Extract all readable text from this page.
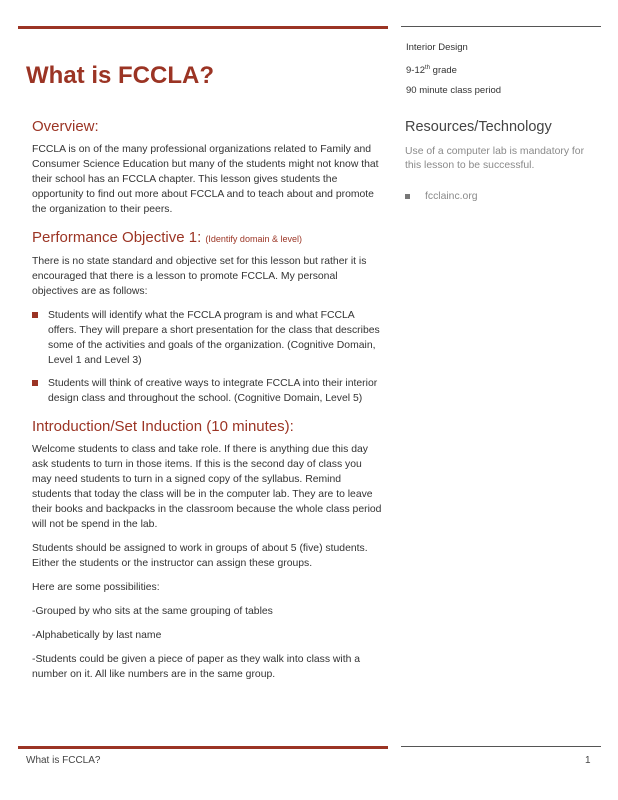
What is FCCLA?
Interior Design
9-12th grade
90 minute class period
Overview:

FCCLA is on of the many professional organizations related to Family and Consumer Science Education but many of the students might not know that their school has an FCCLA chapter. This lesson gives students the opportunity to find out more about FCCLA and to teach about and promote the organization to their peers.

Performance Objective 1: (Identify domain & level)

There is no state standard and objective set for this lesson but rather it is encouraged that there is a lesson to promote FCCLA. My personal objectives are as follows:

Students will identify what the FCCLA program is and what FCCLA offers. They will prepare a short presentation for the class that describes some of the activities and goals of the organization. (Cognitive Domain, Level 1 and Level 3)
Students will think of creative ways to integrate FCCLA into their interior design class and throughout the school. (Cognitive Domain, Level 5)
Introduction/Set Induction (10 minutes):

Welcome students to class and take role. If there is anything due this day ask students to turn in those items. If this is the second day of class you may need students to turn in a signed copy of the syllabus. Remind students that today the class will be in the computer lab. They are to leave their books and backpacks in the classroom because the whole class period will not be spend in the lab.

Students should be assigned to work in groups of about 5 (five) students. Either the students or the instructor can assign these groups.

Here are some possibilities:

-Grouped by who sits at the same grouping of tables

-Alphabetically by last name

-Students could be given a piece of paper as they walk into class with a number on it. All like numbers are in the same group.

Resources/Technology

Use of a computer lab is mandatory for this lesson to be successful.

fcclainc.org
What is FCCLA?	1
